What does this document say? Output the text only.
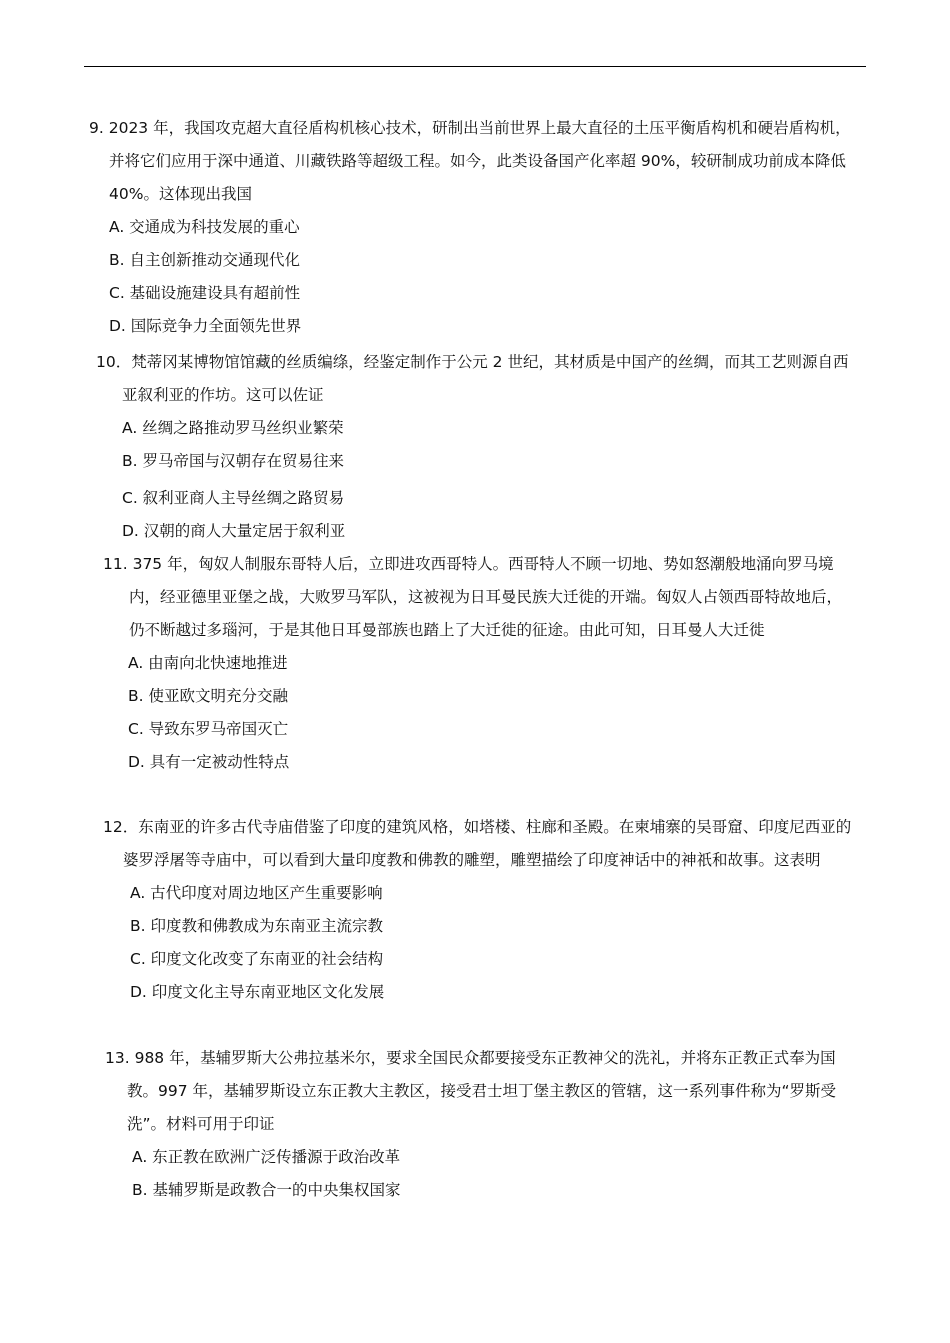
9. 2023 年，我国攻克超大直径盾构机核心技术，研制出当前世界上最大直径的土压平衡盾构机和硬岩盾构机，并将它们应用于深中通道、川藏铁路等超级工程。如今，此类设备国产化率超 90%，较研制成功前成本降低 40%。这体现出我国

A. 交通成为科技发展的重心

B. 自主创新推动交通现代化

C. 基础设施建设具有超前性

D. 国际竞争力全面领先世界

10．梵蒂冈某博物馆馆藏的丝质编绦，经鉴定制作于公元 2 世纪，其材质是中国产的丝绸，而其工艺则源自西亚叙利亚的作坊。这可以佐证

A. 丝绸之路推动罗马丝织业繁荣

B. 罗马帝国与汉朝存在贸易往来

C. 叙利亚商人主导丝绸之路贸易

D. 汉朝的商人大量定居于叙利亚

11. 375 年，匈奴人制服东哥特人后，立即进攻西哥特人。西哥特人不顾一切地、势如怒潮般地涌向罗马境内，经亚德里亚堡之战，大败罗马军队，这被视为日耳曼民族大迁徙的开端。匈奴人占领西哥特故地后，仍不断越过多瑙河，于是其他日耳曼部族也踏上了大迁徙的征途。由此可知，日耳曼人大迁徙

A. 由南向北快速地推进

B. 使亚欧文明充分交融

C. 导致东罗马帝国灭亡

D. 具有一定被动性特点

12．东南亚的许多古代寺庙借鉴了印度的建筑风格，如塔楼、柱廊和圣殿。在柬埔寨的吴哥窟、印度尼西亚的婆罗浮屠等寺庙中，可以看到大量印度教和佛教的雕塑，雕塑描绘了印度神话中的神祇和故事。这表明

A. 古代印度对周边地区产生重要影响

B. 印度教和佛教成为东南亚主流宗教

C. 印度文化改变了东南亚的社会结构

D. 印度文化主导东南亚地区文化发展

13. 988 年，基辅罗斯大公弗拉基米尔，要求全国民众都要接受东正教神父的洗礼，并将东正教正式奉为国教。997 年，基辅罗斯设立东正教大主教区，接受君士坦丁堡主教区的管辖，这一系列事件称为“罗斯受洗”。材料可用于印证

A. 东正教在欧洲广泛传播源于政治改革

B. 基辅罗斯是政教合一的中央集权国家
